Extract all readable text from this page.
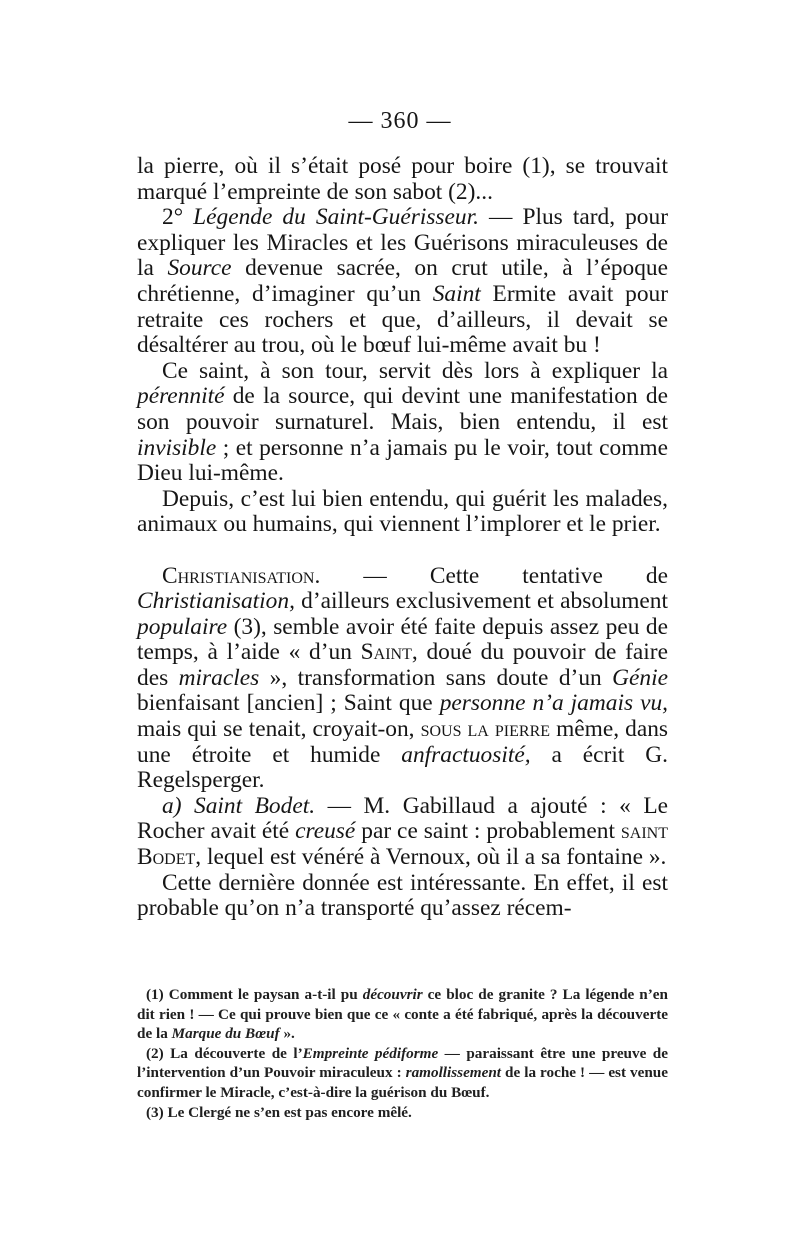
— 360 —

la pierre, où il s’était posé pour boire (1), se trouvait marqué l’empreinte de son sabot (2)...

2° Légende du Saint-Guérisseur. — Plus tard, pour expliquer les Miracles et les Guérisons miraculeuses de la Source devenue sacrée, on crut utile, à l’époque chrétienne, d’imaginer qu’un Saint Ermite avait pour retraite ces rochers et que, d’ailleurs, il devait se désaltérer au trou, où le bœuf lui-même avait bu !

Ce saint, à son tour, servit dès lors à expliquer la pérennité de la source, qui devint une manifestation de son pouvoir surnaturel. Mais, bien entendu, il est invisible ; et personne n’a jamais pu le voir, tout comme Dieu lui-même.

Depuis, c’est lui bien entendu, qui guérit les malades, animaux ou humains, qui viennent l’implorer et le prier.

Christianisation. — Cette tentative de Christianisation, d’ailleurs exclusivement et absolument populaire (3), semble avoir été faite depuis assez peu de temps, à l’aide « d’un Saint, doué du pouvoir de faire des miracles », transformation sans doute d’un Génie bienfaisant [ancien] ; Saint que personne n’a jamais vu, mais qui se tenait, croyait-on, sous la pierre même, dans une étroite et humide anfractuosité, a écrit G. Regelsperger.

a) Saint Bodet. — M. Gabillaud a ajouté : « Le Rocher avait été creusé par ce saint : probablement saint Bodet, lequel est vénéré à Vernoux, où il a sa fontaine ».

Cette dernière donnée est intéressante. En effet, il est probable qu’on n’a transporté qu’assez récem-

(1) Comment le paysan a-t-il pu découvrir ce bloc de granite ? La légende n’en dit rien ! — Ce qui prouve bien que ce « conte a été fabriqué, après la découverte de la Marque du Bœuf ».

(2) La découverte de l’Empreinte pédiforme — paraissant être une preuve de l’intervention d’un Pouvoir miraculeux : ramollissement de la roche ! — est venue confirmer le Miracle, c’est-à-dire la guérison du Bœuf.

(3) Le Clergé ne s’en est pas encore mêlé.
